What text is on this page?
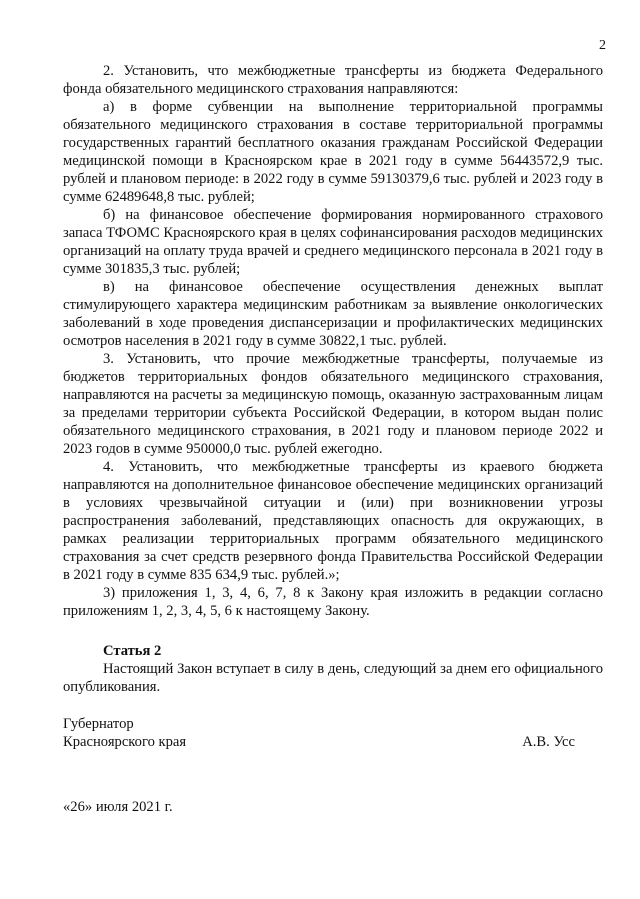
2

2. Установить, что межбюджетные трансферты из бюджета Федерального фонда обязательного медицинского страхования направляются:

а) в форме субвенции на выполнение территориальной программы обязательного медицинского страхования в составе территориальной программы государственных гарантий бесплатного оказания гражданам Российской Федерации медицинской помощи в Красноярском крае в 2021 году в сумме 56443572,9 тыс. рублей и плановом периоде: в 2022 году в сумме 59130379,6 тыс. рублей и 2023 году в сумме 62489648,8 тыс. рублей;

б) на финансовое обеспечение формирования нормированного страхового запаса ТФОМС Красноярского края в целях софинансирования расходов медицинских организаций на оплату труда врачей и среднего медицинского персонала в 2021 году в сумме 301835,3 тыс. рублей;

в) на финансовое обеспечение осуществления денежных выплат стимулирующего характера медицинским работникам за выявление онкологических заболеваний в ходе проведения диспансеризации и профилактических медицинских осмотров населения в 2021 году в сумме 30822,1 тыс. рублей.

3. Установить, что прочие межбюджетные трансферты, получаемые из бюджетов территориальных фондов обязательного медицинского страхования, направляются на расчеты за медицинскую помощь, оказанную застрахованным лицам за пределами территории субъекта Российской Федерации, в котором выдан полис обязательного медицинского страхования, в 2021 году и плановом периоде 2022 и 2023 годов в сумме 950000,0 тыс. рублей ежегодно.

4. Установить, что межбюджетные трансферты из краевого бюджета направляются на дополнительное финансовое обеспечение медицинских организаций в условиях чрезвычайной ситуации и (или) при возникновении угрозы распространения заболеваний, представляющих опасность для окружающих, в рамках реализации территориальных программ обязательного медицинского страхования за счет средств резервного фонда Правительства Российской Федерации в 2021 году в сумме 835 634,9 тыс. рублей.»;

3) приложения 1, 3, 4, 6, 7, 8 к Закону края изложить в редакции согласно приложениям 1, 2, 3, 4, 5, 6 к настоящему Закону.

Статья 2

Настоящий Закон вступает в силу в день, следующий за днем его официального опубликования.

Губернатор
Красноярского края	А.В. Усс
«26» июля 2021 г.
